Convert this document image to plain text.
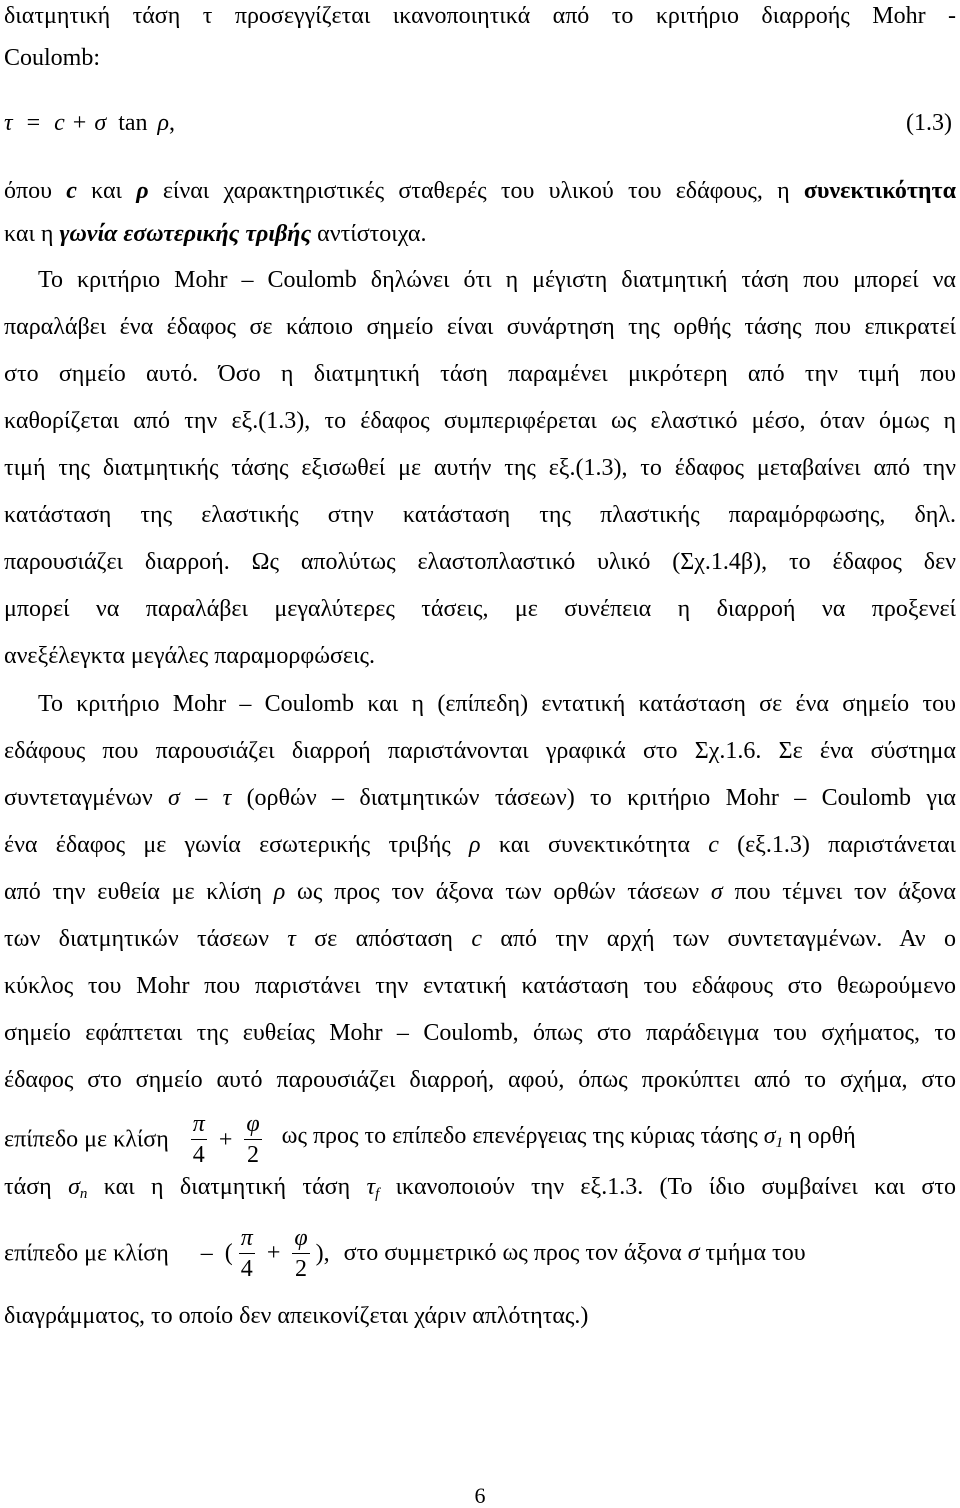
διατμητική τάση τ προσεγγίζεται ικανοποιητικά από το κριτήριο διαρροής Mohr -
Coulomb:
τ = c + σ tan ρ,	(1.3)
όπου c και ρ είναι χαρακτηριστικές σταθερές του υλικού του εδάφους, η συνεκτικότητα
και η γωνία εσωτερικής τριβής αντίστοιχα.
Το κριτήριο Mohr – Coulomb δηλώνει ότι η μέγιστη διατμητική τάση που μπορεί να
παραλάβει ένα έδαφος σε κάποιο σημείο είναι συνάρτηση της ορθής τάσης που επικρατεί
στο σημείο αυτό. Όσο η διατμητική τάση παραμένει μικρότερη από την τιμή που
καθορίζεται από την εξ.(1.3), το έδαφος συμπεριφέρεται ως ελαστικό μέσο, όταν όμως η
τιμή της διατμητικής τάσης εξισωθεί με αυτήν της εξ.(1.3), το έδαφος μεταβαίνει από την
κατάσταση της ελαστικής στην κατάσταση της πλαστικής παραμόρφωσης, δηλ.
παρουσιάζει διαρροή. Ως απολύτως ελαστοπλαστικό υλικό (Σχ.1.4β), το έδαφος δεν
μπορεί να παραλάβει μεγαλύτερες τάσεις, με συνέπεια η διαρροή να προξενεί
ανεξέλεγκτα μεγάλες παραμορφώσεις.
Το κριτήριο Mohr – Coulomb και η (επίπεδη) εντατική κατάσταση σε ένα σημείο του
εδάφους που παρουσιάζει διαρροή παριστάνονται γραφικά στο Σχ.1.6. Σε ένα σύστημα
συντεταγμένων σ – τ (ορθών – διατμητικών τάσεων) το κριτήριο Mohr – Coulomb για
ένα έδαφος με γωνία εσωτερικής τριβής ρ και συνεκτικότητα c (εξ.1.3) παριστάνεται
από την ευθεία με κλίση ρ ως προς τον άξονα των ορθών τάσεων σ που τέμνει τον άξονα
των διατμητικών τάσεων τ σε απόσταση c από την αρχή των συντεταγμένων. Αν ο
κύκλος του Mohr που παριστάνει την εντατική κατάσταση του εδάφους στο θεωρούμενο
σημείο εφάπτεται της ευθείας Mohr – Coulomb, όπως στο παράδειγμα του σχήματος, το
έδαφος στο σημείο αυτό παρουσιάζει διαρροή, αφού, όπως προκύπτει από το σχήμα, στο
επίπεδο με κλίση $\frac{\pi}{4} + \frac{\varphi}{2}$ ως προς το επίπεδο επενέργειας της κύριας τάσης $\sigma_1$ η ορθή
τάση $\sigma_n$ και η διατμητική τάση $\tau_f$ ικανοποιούν την εξ.1.3. (Το ίδιο συμβαίνει και στο
επίπεδο με κλίση – ( $\frac{\pi}{4} + \frac{\varphi}{2}$ ), στο συμμετρικό ως προς τον άξονα σ τμήμα του
διαγράμματος, το οποίο δεν απεικονίζεται χάριν απλότητας.)
6
